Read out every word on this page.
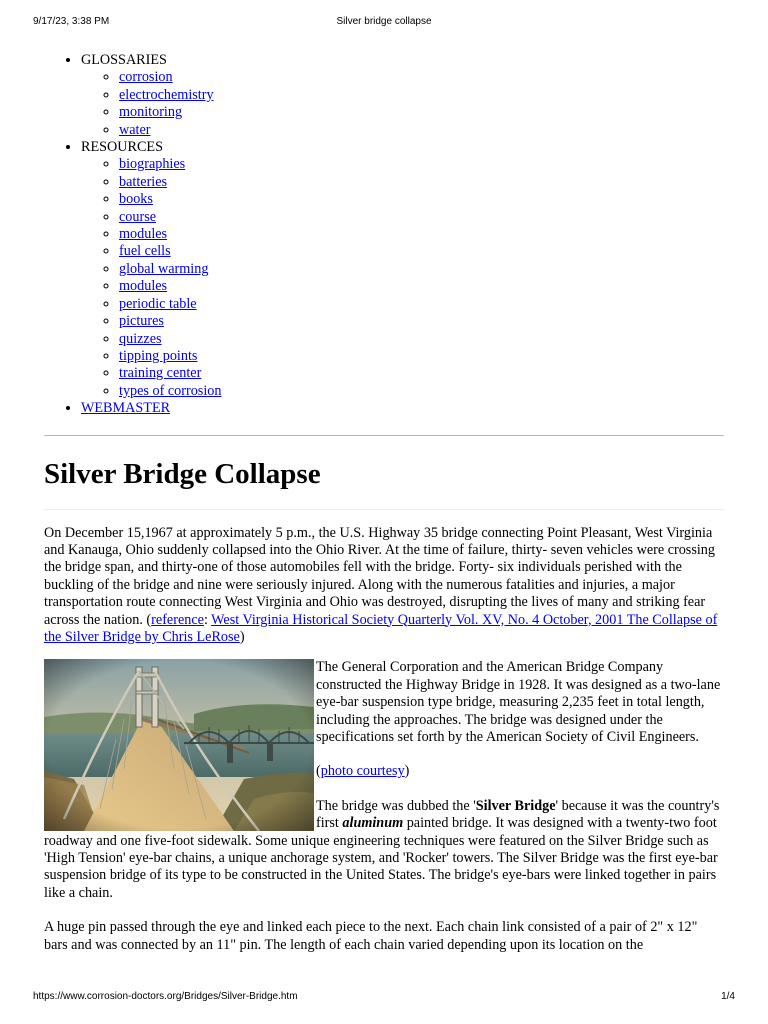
9/17/23, 3:38 PM	Silver bridge collapse
• GLOSSARIES
◦ corrosion
◦ electrochemistry
◦ monitoring
◦ water
• RESOURCES
◦ biographies
◦ batteries
◦ books
◦ course
◦ modules
◦ fuel cells
◦ global warming
◦ modules
◦ periodic table
◦ pictures
◦ quizzes
◦ tipping points
◦ training center
◦ types of corrosion
• WEBMASTER
Silver Bridge Collapse

On December 15,1967 at approximately 5 p.m., the U.S. Highway 35 bridge connecting Point Pleasant, West Virginia and Kanauga, Ohio suddenly collapsed into the Ohio River. At the time of failure, thirty- seven vehicles were crossing the bridge span, and thirty-one of those automobiles fell with the bridge. Forty- six individuals perished with the buckling of the bridge and nine were seriously injured. Along with the numerous fatalities and injuries, a major transportation route connecting West Virginia and Ohio was destroyed, disrupting the lives of many and striking fear across the nation. (reference: West Virginia Historical Society Quarterly Vol. XV, No. 4 October, 2001 The Collapse of the Silver Bridge by Chris LeRose)

The General Corporation and the American Bridge Company constructed the Highway Bridge in 1928. It was designed as a two-lane eye-bar suspension type bridge, measuring 2,235 feet in total length, including the approaches. The bridge was designed under the specifications set forth by the American Society of Civil Engineers.

(photo courtesy)

The bridge was dubbed the 'Silver Bridge' because it was the country's first aluminum painted bridge. It was designed with a twenty-two foot roadway and one five-foot sidewalk. Some unique engineering techniques were featured on the Silver Bridge such as 'High Tension' eye-bar chains, a unique anchorage system, and 'Rocker' towers. The Silver Bridge was the first eye-bar suspension bridge of its type to be constructed in the United States. The bridge's eye-bars were linked together in pairs like a chain.

A huge pin passed through the eye and linked each piece to the next. Each chain link consisted of a pair of 2" x 12" bars and was connected by an 11" pin. The length of each chain varied depending upon its location on the

https://www.corrosion-doctors.org/Bridges/Silver-Bridge.htm	1/4
